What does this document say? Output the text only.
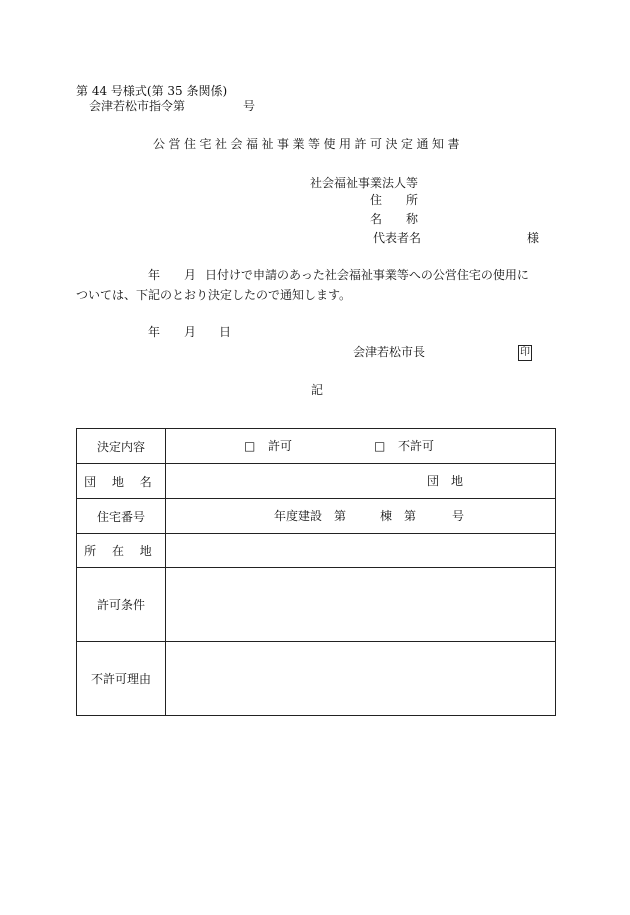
第 44 号様式(第 35 条関係)
会津若松市指令第	号
公営住宅社会福祉事業等使用許可決定通知書
社会福祉事業法人等
住　　所
名　　称
代表者名	様
年 月 日付けで申請のあった社会福祉事業等への公営住宅の使用に
ついては、下記のとおり決定したので通知します。
年 月 日
会津若松市長	印
記
決定内容	□ 許可 □ 不許可

団 地 名	団　地

住宅番号	年度建設 第 棟 第 号

所 在 地	
許可条件	
不許可理由	
